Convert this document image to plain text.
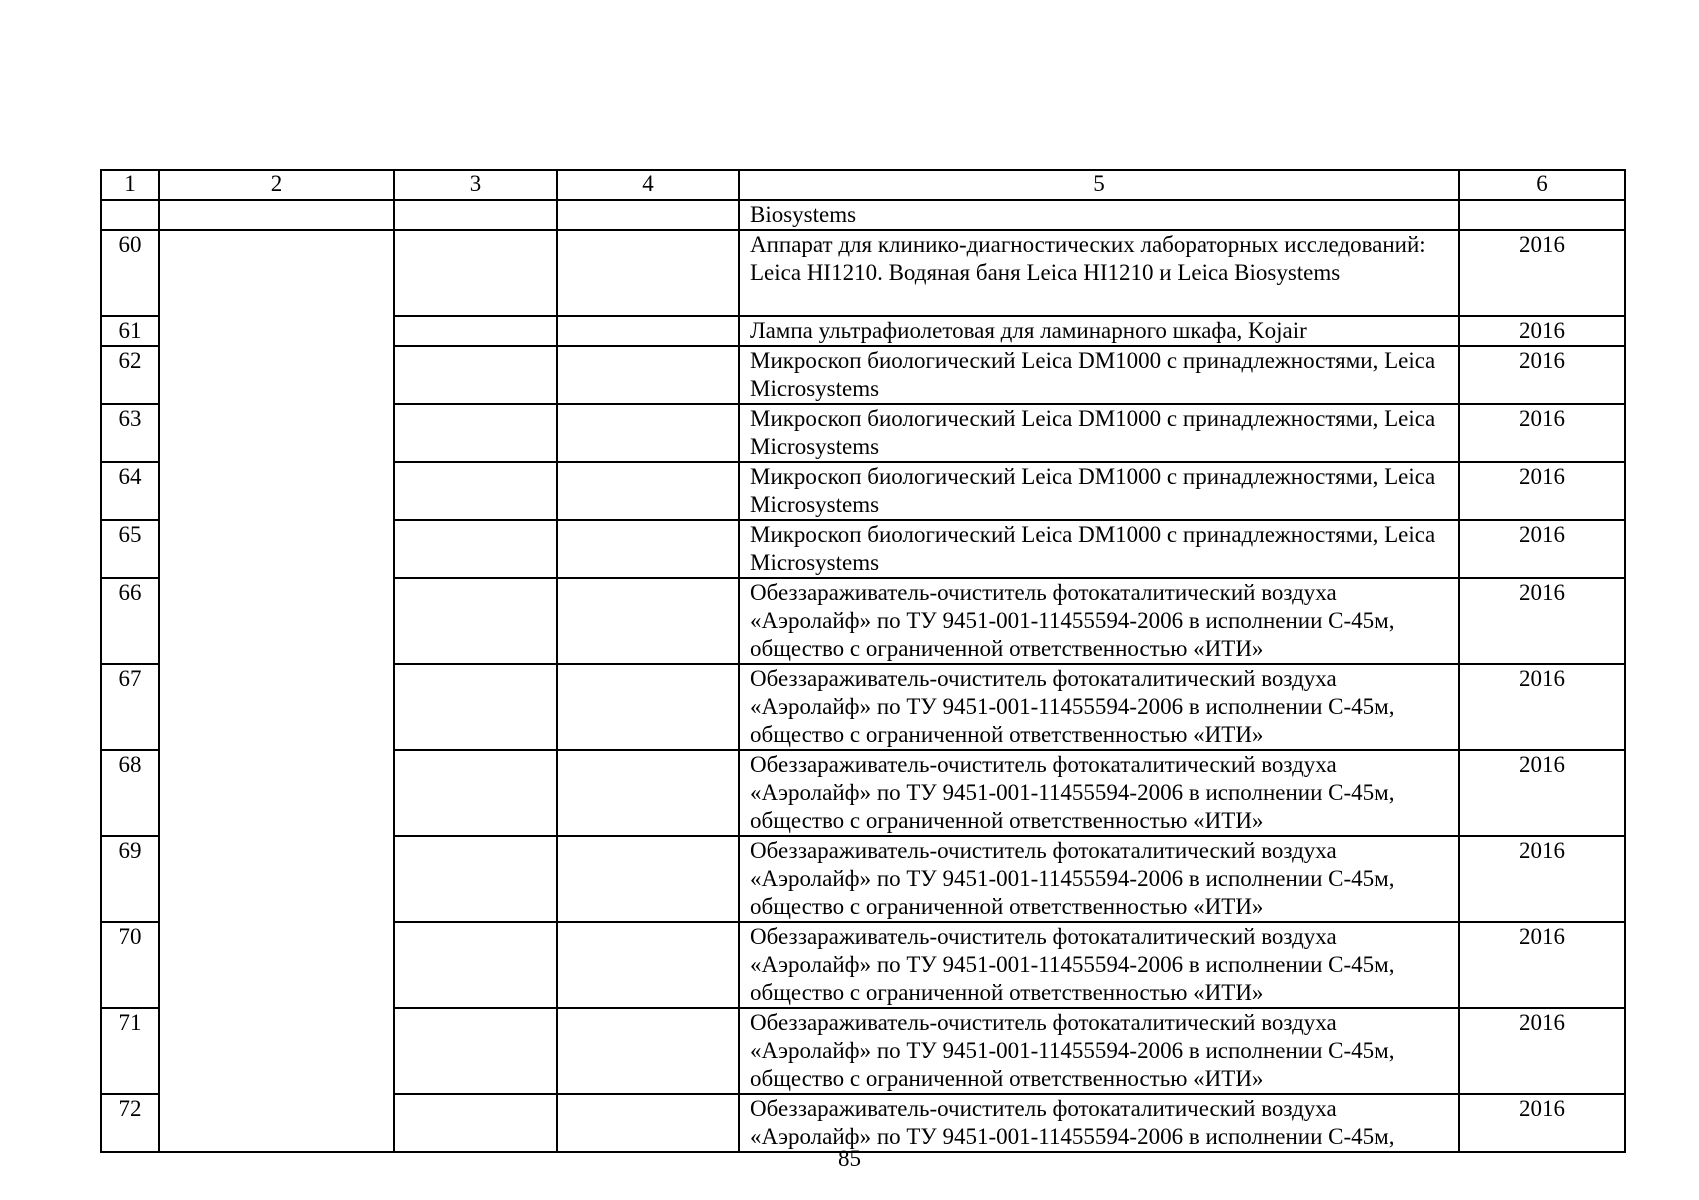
1	2	3	4	5	6
				Biosystems	
60				Аппарат для клинико-диагностических лабораторных исследований: Leica HI1210. Водяная баня Leica HI1210 и Leica Biosystems	2016
61				Лампа ультрафиолетовая для ламинарного шкафа, Kojair	2016
62				Микроскоп биологический Leica DM1000 с принадлежностями, Leica Microsystems	2016
63				Микроскоп биологический Leica DM1000 с принадлежностями, Leica Microsystems	2016
64				Микроскоп биологический Leica DM1000 с принадлежностями, Leica Microsystems	2016
65				Микроскоп биологический Leica DM1000 с принадлежностями, Leica Microsystems	2016
66				Обеззараживатель-очиститель фотокаталитический воздуха «Аэролайф» по ТУ 9451-001-11455594-2006 в исполнении С-45м, общество с ограниченной ответственностью «ИТИ»	2016
67				Обеззараживатель-очиститель фотокаталитический воздуха «Аэролайф» по ТУ 9451-001-11455594-2006 в исполнении С-45м, общество с ограниченной ответственностью «ИТИ»	2016
68				Обеззараживатель-очиститель фотокаталитический воздуха «Аэролайф» по ТУ 9451-001-11455594-2006 в исполнении С-45м, общество с ограниченной ответственностью «ИТИ»	2016
69				Обеззараживатель-очиститель фотокаталитический воздуха «Аэролайф» по ТУ 9451-001-11455594-2006 в исполнении С-45м, общество с ограниченной ответственностью «ИТИ»	2016
70				Обеззараживатель-очиститель фотокаталитический воздуха «Аэролайф» по ТУ 9451-001-11455594-2006 в исполнении С-45м, общество с ограниченной ответственностью «ИТИ»	2016
71				Обеззараживатель-очиститель фотокаталитический воздуха «Аэролайф» по ТУ 9451-001-11455594-2006 в исполнении С-45м, общество с ограниченной ответственностью «ИТИ»	2016
72				Обеззараживатель-очиститель фотокаталитический воздуха «Аэролайф» по ТУ 9451-001-11455594-2006 в исполнении С-45м,	2016
85
